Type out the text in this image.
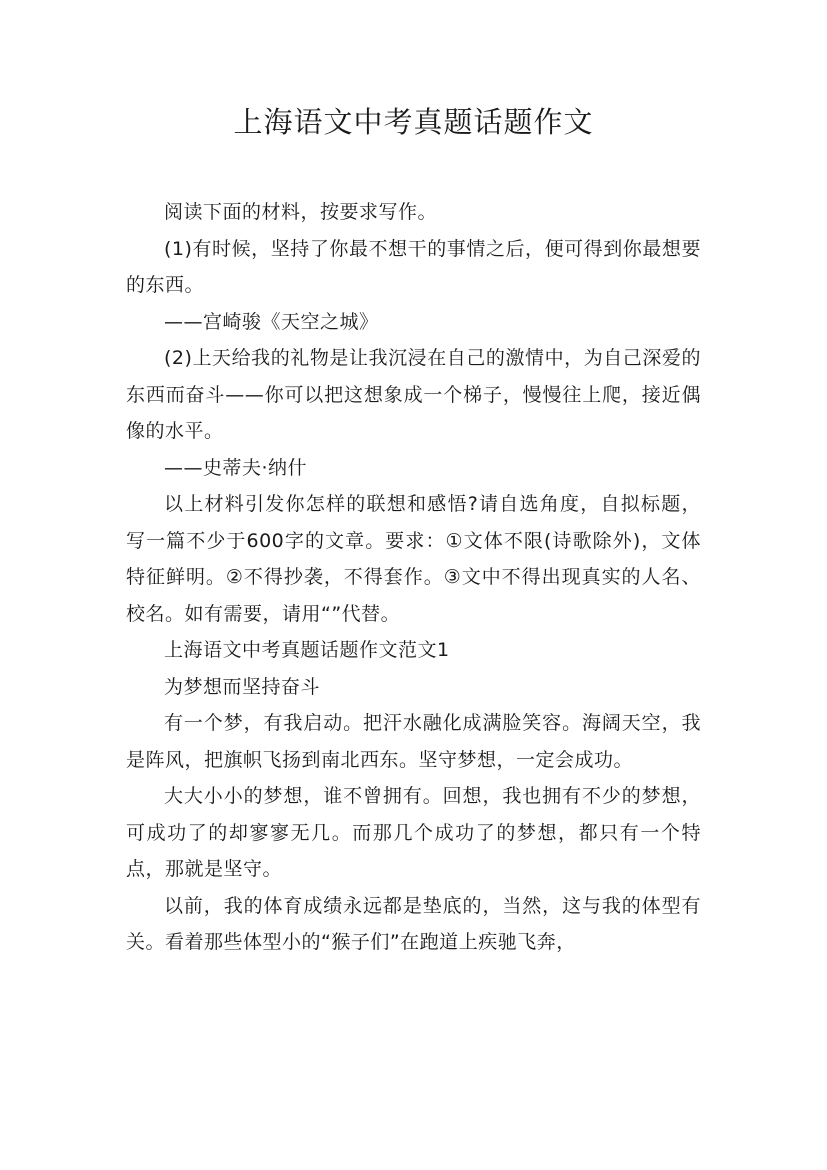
上海语文中考真题话题作文

阅读下面的材料，按要求写作。

(1)有时候，坚持了你最不想干的事情之后，便可得到你最想要的东西。

——宫崎骏《天空之城》

(2)上天给我的礼物是让我沉浸在自己的激情中，为自己深爱的东西而奋斗——你可以把这想象成一个梯子，慢慢往上爬，接近偶像的水平。

——史蒂夫·纳什

以上材料引发你怎样的联想和感悟?请自选角度，自拟标题，写一篇不少于600字的文章。要求：①文体不限(诗歌除外)，文体特征鲜明。②不得抄袭，不得套作。③文中不得出现真实的人名、校名。如有需要，请用“”代替。

上海语文中考真题话题作文范文1

为梦想而坚持奋斗

有一个梦，有我启动。把汗水融化成满脸笑容。海阔天空，我是阵风，把旗帜飞扬到南北西东。坚守梦想，一定会成功。

大大小小的梦想，谁不曾拥有。回想，我也拥有不少的梦想，可成功了的却寥寥无几。而那几个成功了的梦想，都只有一个特点，那就是坚守。

以前，我的体育成绩永远都是垫底的，当然，这与我的体型有关。看着那些体型小的“猴子们”在跑道上疾驰飞奔，
